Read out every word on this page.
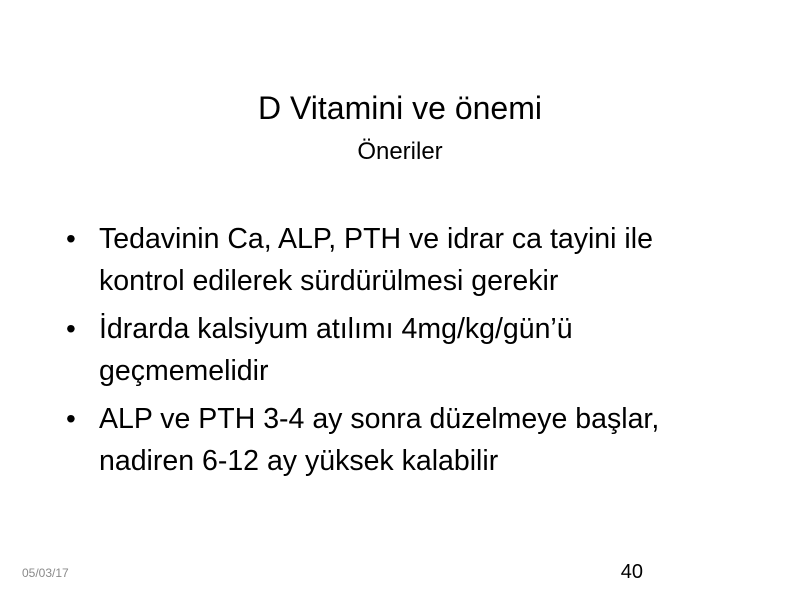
D Vitamini ve önemi
Öneriler
• Tedavinin Ca, ALP, PTH ve idrar ca tayini ile kontrol edilerek sürdürülmesi gerekir
• İdrarda kalsiyum atılımı 4mg/kg/gün’ü geçmemelidir
• ALP ve PTH 3-4 ay sonra düzelmeye başlar, nadiren 6-12 ay yüksek kalabilir
05/03/17	40
